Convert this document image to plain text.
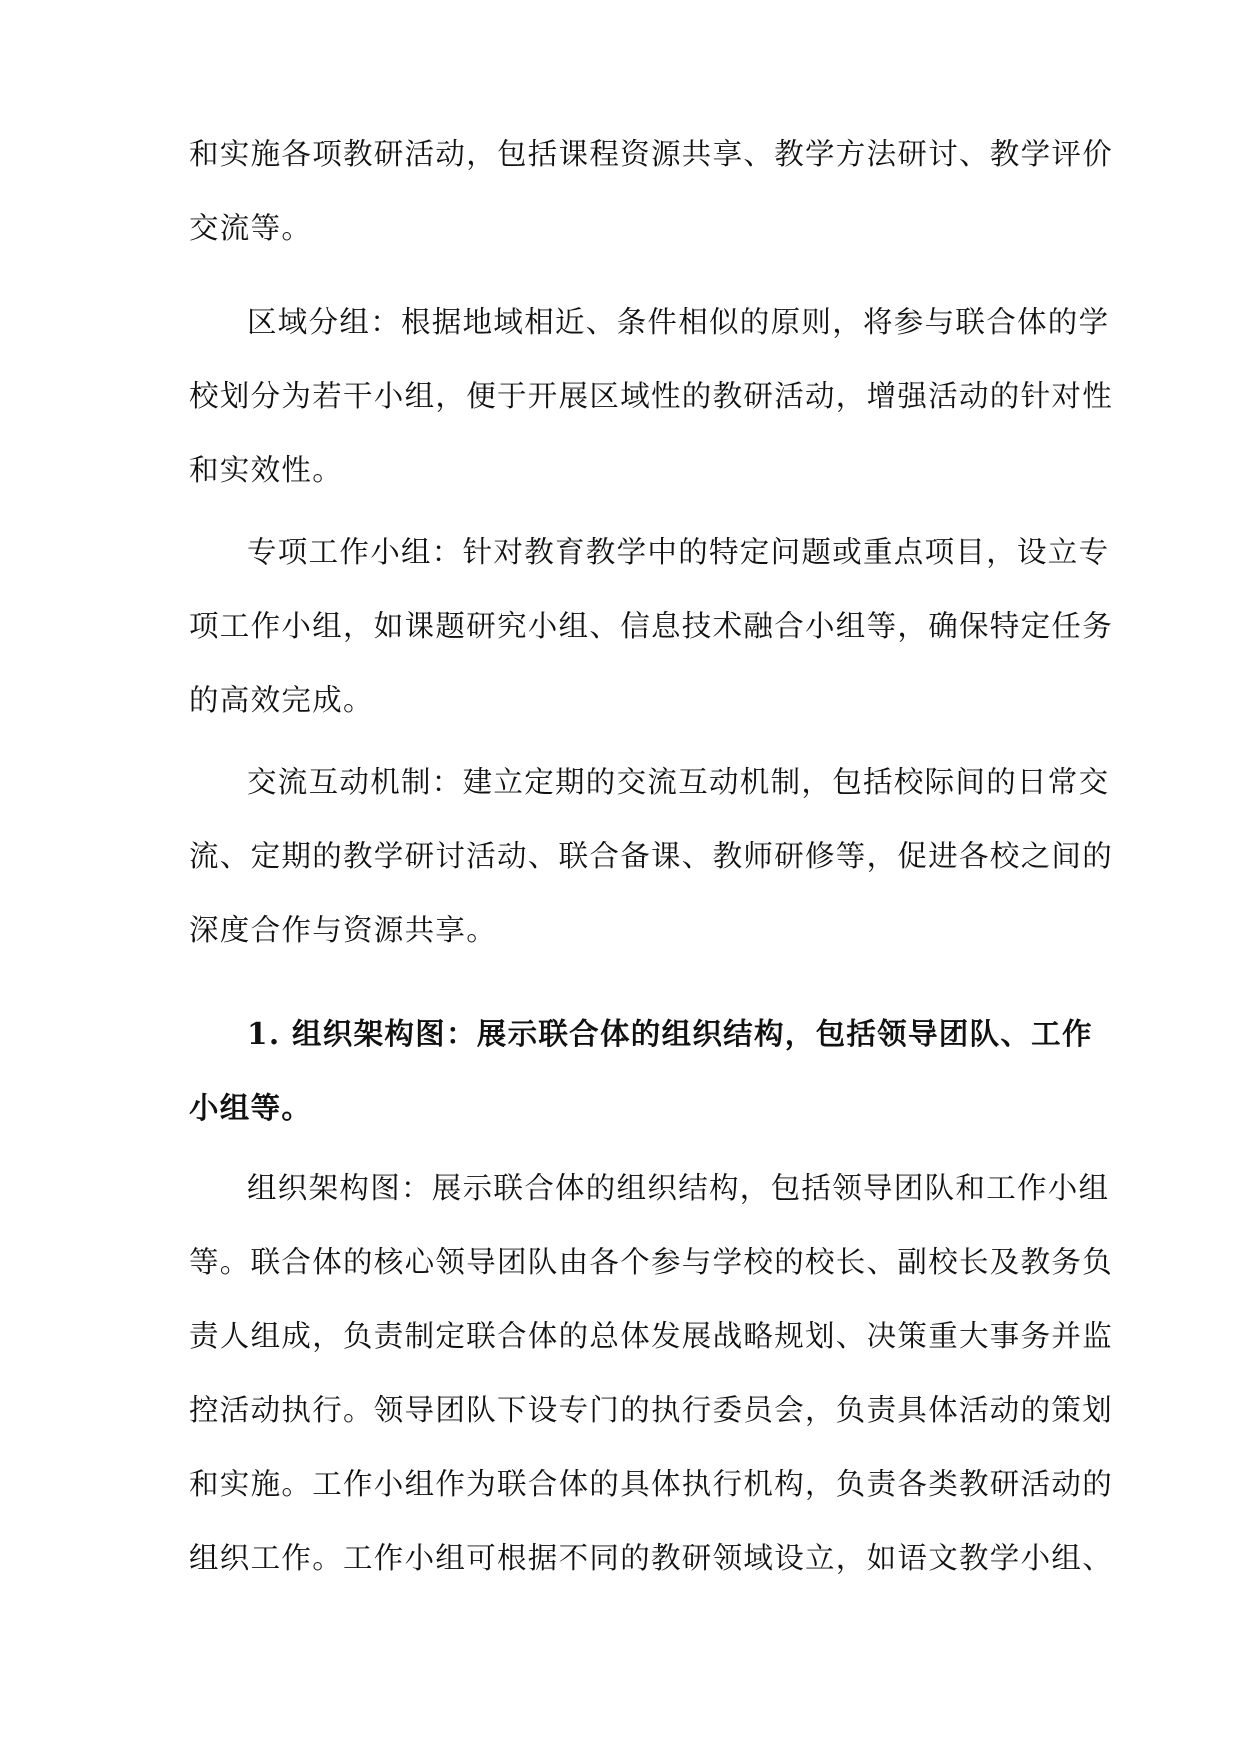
和实施各项教研活动，包括课程资源共享、教学方法研讨、教学评价
交流等。
区域分组：根据地域相近、条件相似的原则，将参与联合体的学
校划分为若干小组，便于开展区域性的教研活动，增强活动的针对性
和实效性。
专项工作小组：针对教育教学中的特定问题或重点项目，设立专
项工作小组，如课题研究小组、信息技术融合小组等，确保特定任务
的高效完成。
交流互动机制：建立定期的交流互动机制，包括校际间的日常交
流、定期的教学研讨活动、联合备课、教师研修等，促进各校之间的
深度合作与资源共享。
1. 组织架构图：展示联合体的组织结构，包括领导团队、工作
小组等。
组织架构图：展示联合体的组织结构，包括领导团队和工作小组
等。联合体的核心领导团队由各个参与学校的校长、副校长及教务负
责人组成，负责制定联合体的总体发展战略规划、决策重大事务并监
控活动执行。领导团队下设专门的执行委员会，负责具体活动的策划
和实施。工作小组作为联合体的具体执行机构，负责各类教研活动的
组织工作。工作小组可根据不同的教研领域设立，如语文教学小组、
